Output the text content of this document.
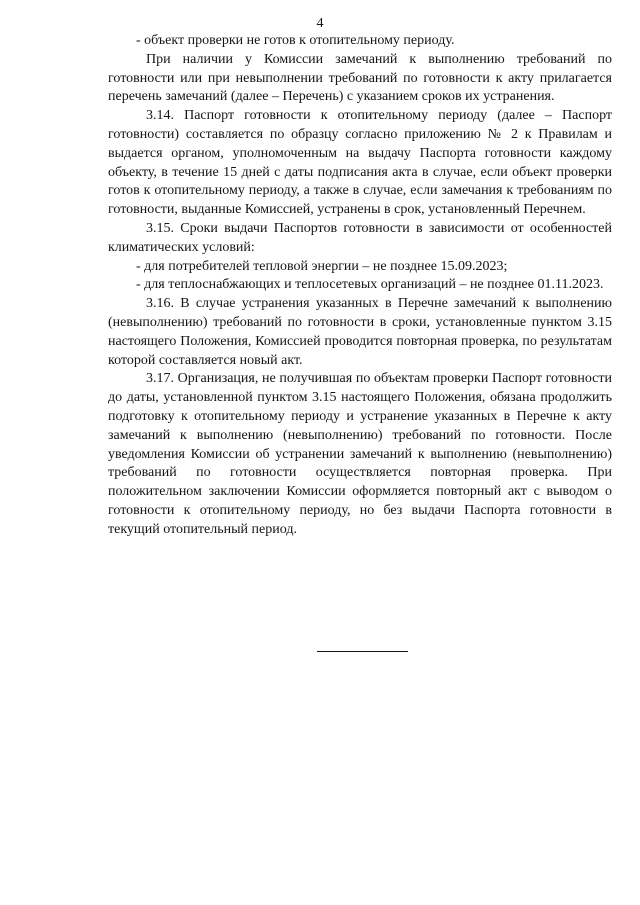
4

- объект проверки не готов к отопительному периоду.

При наличии у Комиссии замечаний к выполнению требований по готовности или при невыполнении требований по готовности к акту прилагается перечень замечаний (далее – Перечень) с указанием сроков их устранения.

3.14. Паспорт готовности к отопительному периоду (далее – Паспорт готовности) составляется по образцу согласно приложению № 2 к Правилам и выдается органом, уполномоченным на выдачу Паспорта готовности каждому объекту, в течение 15 дней с даты подписания акта в случае, если объект проверки готов к отопительному периоду, а также в случае, если замечания к требованиям по готовности, выданные Комиссией, устранены в срок, установленный Перечнем.

3.15. Сроки выдачи Паспортов готовности в зависимости от особенностей климатических условий:

- для потребителей тепловой энергии – не позднее 15.09.2023;

- для теплоснабжающих и теплосетевых организаций – не позднее 01.11.2023.

3.16. В случае устранения указанных в Перечне замечаний к выполнению (невыполнению) требований по готовности в сроки, установленные пунктом 3.15 настоящего Положения, Комиссией проводится повторная проверка, по результатам которой составляется новый акт.

3.17. Организация, не получившая по объектам проверки Паспорт готовности до даты, установленной пунктом 3.15 настоящего Положения, обязана продолжить подготовку к отопительному периоду и устранение указанных в Перечне к акту замечаний к выполнению (невыполнению) требований по готовности. После уведомления Комиссии об устранении замечаний к выполнению (невыполнению) требований по готовности осуществляется повторная проверка. При положительном заключении Комиссии оформляется повторный акт с выводом о готовности к отопительному периоду, но без выдачи Паспорта готовности в текущий отопительный период.
